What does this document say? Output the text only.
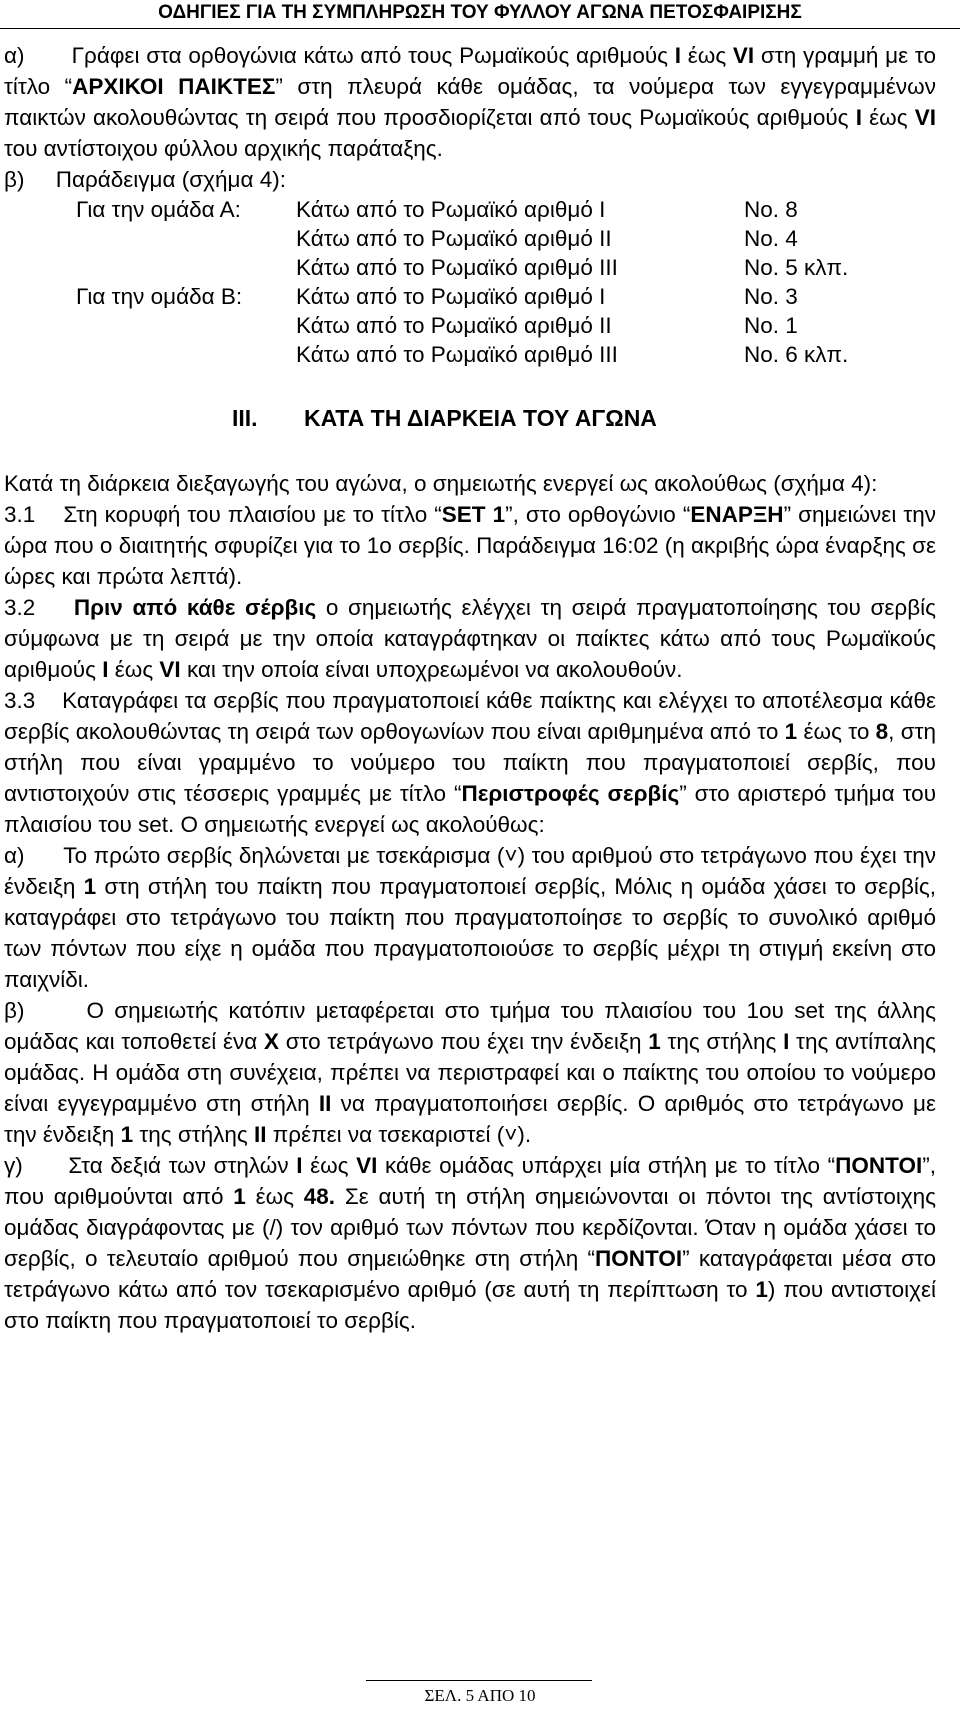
ΟΔΗΓΙΕΣ ΓΙΑ ΤΗ ΣΥΜΠΛΗΡΩΣΗ ΤΟΥ ΦΥΛΛΟΥ ΑΓΩΝΑ ΠΕΤΟΣΦΑΙΡΙΣΗΣ

α)       Γράφει στα ορθογώνια κάτω από τους Ρωμαϊκούς αριθμούς I έως VI στη γραμμή με το τίτλο “ΑΡΧΙΚΟΙ ΠΑΙΚΤΕΣ” στη πλευρά κάθε ομάδας, τα νούμερα των εγγεγραμμένων παικτών ακολουθώντας τη σειρά που προσδιορίζεται από τους Ρωμαϊκούς αριθμούς I έως VI του αντίστοιχου φύλλου αρχικής παράταξης.

β)     Παράδειγμα (σχήμα 4):

Για την ομάδα Α:	Κάτω από το Ρωμαϊκό αριθμό I	Νο. 8
Κάτω από το Ρωμαϊκό αριθμό II	Νο. 4
Κάτω από το Ρωμαϊκό αριθμό III	Νο. 5 κλπ.
Για την ομάδα Β:	Κάτω από το Ρωμαϊκό αριθμό I	Νο. 3
Κάτω από το Ρωμαϊκό αριθμό II	Νο. 1
Κάτω από το Ρωμαϊκό αριθμό III	Νο. 6 κλπ.
III. ΚΑΤΑ ΤΗ ΔΙΑΡΚΕΙΑ ΤΟΥ ΑΓΩΝΑ

Κατά τη διάρκεια διεξαγωγής του αγώνα, ο σημειωτής ενεργεί ως ακολούθως (σχήμα 4):

3.1    Στη κορυφή του πλαισίου με το τίτλο “SET 1”, στο ορθογώνιο “ΕΝΑΡΞΗ” σημειώνει την ώρα που ο διαιτητής σφυρίζει για το 1ο σερβίς. Παράδειγμα 16:02 (η ακριβής ώρα έναρξης σε ώρες και πρώτα λεπτά).

3.2    Πριν από κάθε σέρβις ο σημειωτής ελέγχει τη σειρά πραγματοποίησης του σερβίς σύμφωνα με τη σειρά με την οποία καταγράφτηκαν οι παίκτες κάτω από τους Ρωμαϊκούς αριθμούς I έως VI και την οποία είναι υποχρεωμένοι να ακολουθούν.

3.3    Καταγράφει τα σερβίς που πραγματοποιεί κάθε παίκτης και ελέγχει το αποτέλεσμα κάθε σερβίς ακολουθώντας τη σειρά των ορθογωνίων που είναι αριθμημένα από το 1 έως το 8, στη στήλη που είναι γραμμένο το νούμερο του παίκτη που πραγματοποιεί σερβίς, που αντιστοιχούν στις τέσσερις γραμμές με τίτλο “Περιστροφές σερβίς” στο αριστερό τμήμα του πλαισίου του set. Ο σημειωτής ενεργεί ως ακολούθως:

α)      Το πρώτο σερβίς δηλώνεται με τσεκάρισμα (˅) του αριθμού στο τετράγωνο που έχει την ένδειξη 1 στη στήλη του παίκτη που πραγματοποιεί σερβίς, Μόλις η ομάδα χάσει το σερβίς, καταγράφει στο τετράγωνο του παίκτη που πραγματοποίησε το σερβίς το συνολικό αριθμό των πόντων που είχε η ομάδα που πραγματοποιούσε το σερβίς μέχρι τη στιγμή εκείνη στο παιχνίδι.

β)      Ο σημειωτής κατόπιν μεταφέρεται στο τμήμα του πλαισίου του 1ου set της άλλης ομάδας και τοποθετεί ένα Χ στο τετράγωνο που έχει την ένδειξη 1 της στήλης I της αντίπαλης ομάδας. Η ομάδα στη συνέχεια, πρέπει να περιστραφεί και ο παίκτης του οποίου το νούμερο είναι εγγεγραμμένο στη στήλη II να πραγματοποιήσει σερβίς. Ο αριθμός στο τετράγωνο με την ένδειξη 1 της στήλης II πρέπει να τσεκαριστεί (˅).

γ)      Στα δεξιά των στηλών I έως VI κάθε ομάδας υπάρχει μία στήλη με το τίτλο “ΠΟΝΤΟΙ”, που αριθμούνται από 1 έως 48. Σε αυτή τη στήλη σημειώνονται οι πόντοι της αντίστοιχης ομάδας διαγράφοντας με (/) τον αριθμό των πόντων που κερδίζονται. Όταν η ομάδα χάσει το σερβίς, ο τελευταίο αριθμού που σημειώθηκε στη στήλη “ΠΟΝΤΟΙ” καταγράφεται μέσα στο τετράγωνο κάτω από τον τσεκαρισμένο αριθμό (σε αυτή τη περίπτωση το 1) που αντιστοιχεί στο παίκτη που πραγματοποιεί το σερβίς.

ΣΕΛ. 5 ΑΠΟ 10
